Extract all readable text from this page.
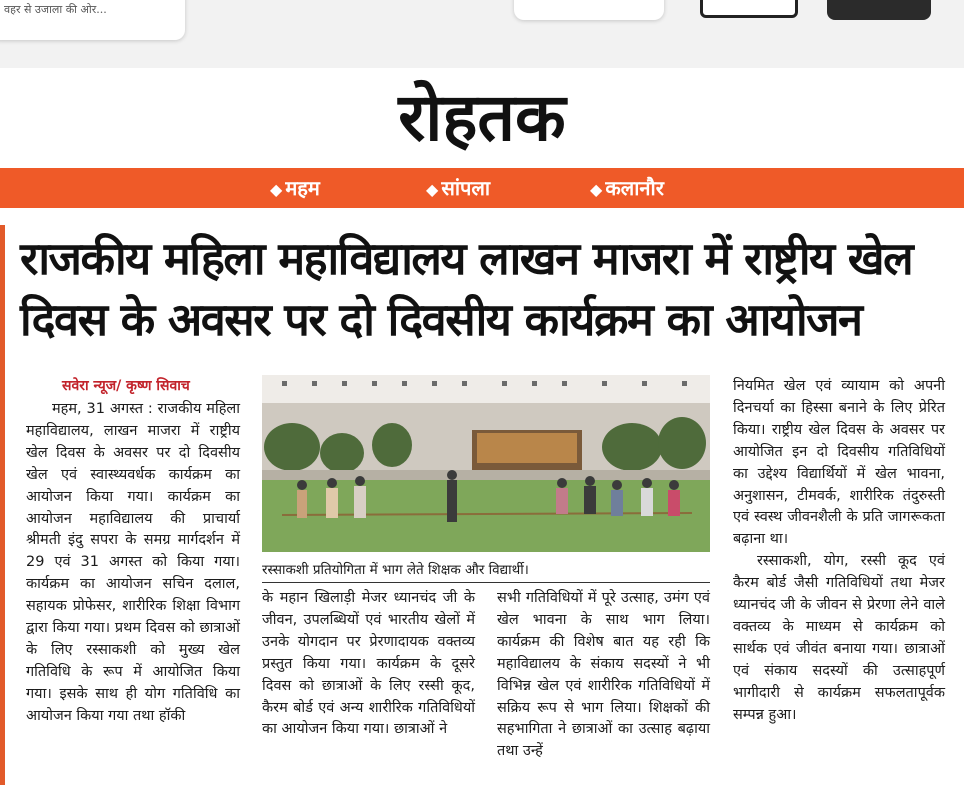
वहर से उजाला की ओर...
रोहतक
◆ महम	◆ सांपला	◆ कलानौर
राजकीय महिला महाविद्यालय लाखन माजरा में राष्ट्रीय खेल दिवस के अवसर पर दो दिवसीय कार्यक्रम का आयोजन
सवेरा न्यूज/ कृष्ण सिवाच
महम, 31 अगस्त : राजकीय महिला महाविद्यालय, लाखन माजरा में राष्ट्रीय खेल दिवस के अवसर पर दो दिवसीय खेल एवं स्वास्थ्यवर्धक कार्यक्रम का आयोजन किया गया। कार्यक्रम का आयोजन महाविद्यालय की प्राचार्या श्रीमती इंदु सपरा के समग्र मार्गदर्शन में 29 एवं 31 अगस्त को किया गया। कार्यक्रम का आयोजन सचिन दलाल, सहायक प्रोफेसर, शारीरिक शिक्षा विभाग द्वारा किया गया। प्रथम दिवस को छात्राओं के लिए रस्साकशी को मुख्य खेल गतिविधि के रूप में आयोजित किया गया। इसके साथ ही योग गतिविधि का आयोजन किया गया तथा हॉकी
रस्साकशी प्रतियोगिता में भाग लेते शिक्षक और विद्यार्थी।
के महान खिलाड़ी मेजर ध्यानचंद जी के जीवन, उपलब्धियों एवं भारतीय खेलों में उनके योगदान पर प्रेरणादायक वक्तव्य प्रस्तुत किया गया। कार्यक्रम के दूसरे दिवस को छात्राओं के लिए रस्सी कूद, कैरम बोर्ड एवं अन्य शारीरिक गतिविधियों का आयोजन किया गया। छात्राओं ने
सभी गतिविधियों में पूरे उत्साह, उमंग एवं खेल भावना के साथ भाग लिया। कार्यक्रम की विशेष बात यह रही कि महाविद्यालय के संकाय सदस्यों ने भी विभिन्न खेल एवं शारीरिक गतिविधियों में सक्रिय रूप से भाग लिया। शिक्षकों की सहभागिता ने छात्राओं का उत्साह बढ़ाया तथा उन्हें

नियमित खेल एवं व्यायाम को अपनी दिनचर्या का हिस्सा बनाने के लिए प्रेरित किया। राष्ट्रीय खेल दिवस के अवसर पर आयोजित इन दो दिवसीय गतिविधियों का उद्देश्य विद्यार्थियों में खेल भावना, अनुशासन, टीमवर्क, शारीरिक तंदुरुस्ती एवं स्वस्थ जीवनशैली के प्रति जागरूकता बढ़ाना था।

रस्साकशी, योग, रस्सी कूद एवं कैरम बोर्ड जैसी गतिविधियों तथा मेजर ध्यानचंद जी के जीवन से प्रेरणा लेने वाले वक्तव्य के माध्यम से कार्यक्रम को सार्थक एवं जीवंत बनाया गया। छात्राओं एवं संकाय सदस्यों की उत्साहपूर्ण भागीदारी से कार्यक्रम सफलतापूर्वक सम्पन्न हुआ।
